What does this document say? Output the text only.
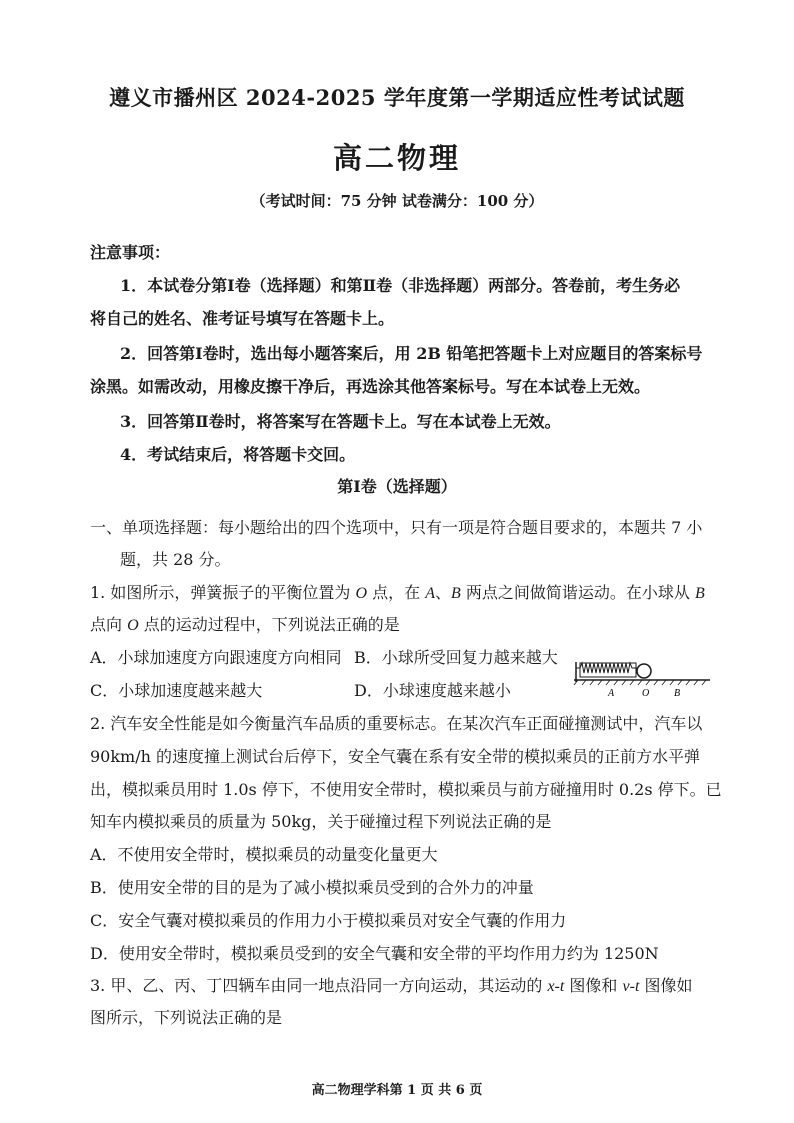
遵义市播州区 2024-2025 学年度第一学期适应性考试试题
高二物理
（考试时间：75 分钟 试卷满分：100 分）
注意事项：
1．本试卷分第Ⅰ卷（选择题）和第Ⅱ卷（非选择题）两部分。答卷前，考生务必
将自己的姓名、准考证号填写在答题卡上。
2．回答第Ⅰ卷时，选出每小题答案后，用 2B 铅笔把答题卡上对应题目的答案标号
涂黑。如需改动，用橡皮擦干净后，再选涂其他答案标号。写在本试卷上无效。
3．回答第Ⅱ卷时，将答案写在答题卡上。写在本试卷上无效。
4．考试结束后，将答题卡交回。
第Ⅰ卷（选择题）
一、单项选择题：每小题给出的四个选项中，只有一项是符合题目要求的，本题共 7 小
题，共 28 分。
1. 如图所示，弹簧振子的平衡位置为 O 点，在 A、B 两点之间做简谐运动。在小球从 B
点向 O 点的运动过程中，下列说法正确的是
A．小球加速度方向跟速度方向相同 B．小球所受回复力越来越大
C．小球加速度越来越大	D．小球速度越来越小	A	O B
2. 汽车安全性能是如今衡量汽车品质的重要标志。在某次汽车正面碰撞测试中，汽车以
90km/h 的速度撞上测试台后停下，安全气囊在系有安全带的模拟乘员的正前方水平弹
出，模拟乘员用时 1.0s 停下，不使用安全带时，模拟乘员与前方碰撞用时 0.2s 停下。已
知车内模拟乘员的质量为 50kg，关于碰撞过程下列说法正确的是
A．不使用安全带时，模拟乘员的动量变化量更大
B．使用安全带的目的是为了减小模拟乘员受到的合外力的冲量
C．安全气囊对模拟乘员的作用力小于模拟乘员对安全气囊的作用力
D．使用安全带时，模拟乘员受到的安全气囊和安全带的平均作用力约为 1250N
3. 甲、乙、丙、丁四辆车由同一地点沿同一方向运动，其运动的 x-t 图像和 v-t 图像如
图所示，下列说法正确的是
高二物理学科第 1 页 共 6 页
